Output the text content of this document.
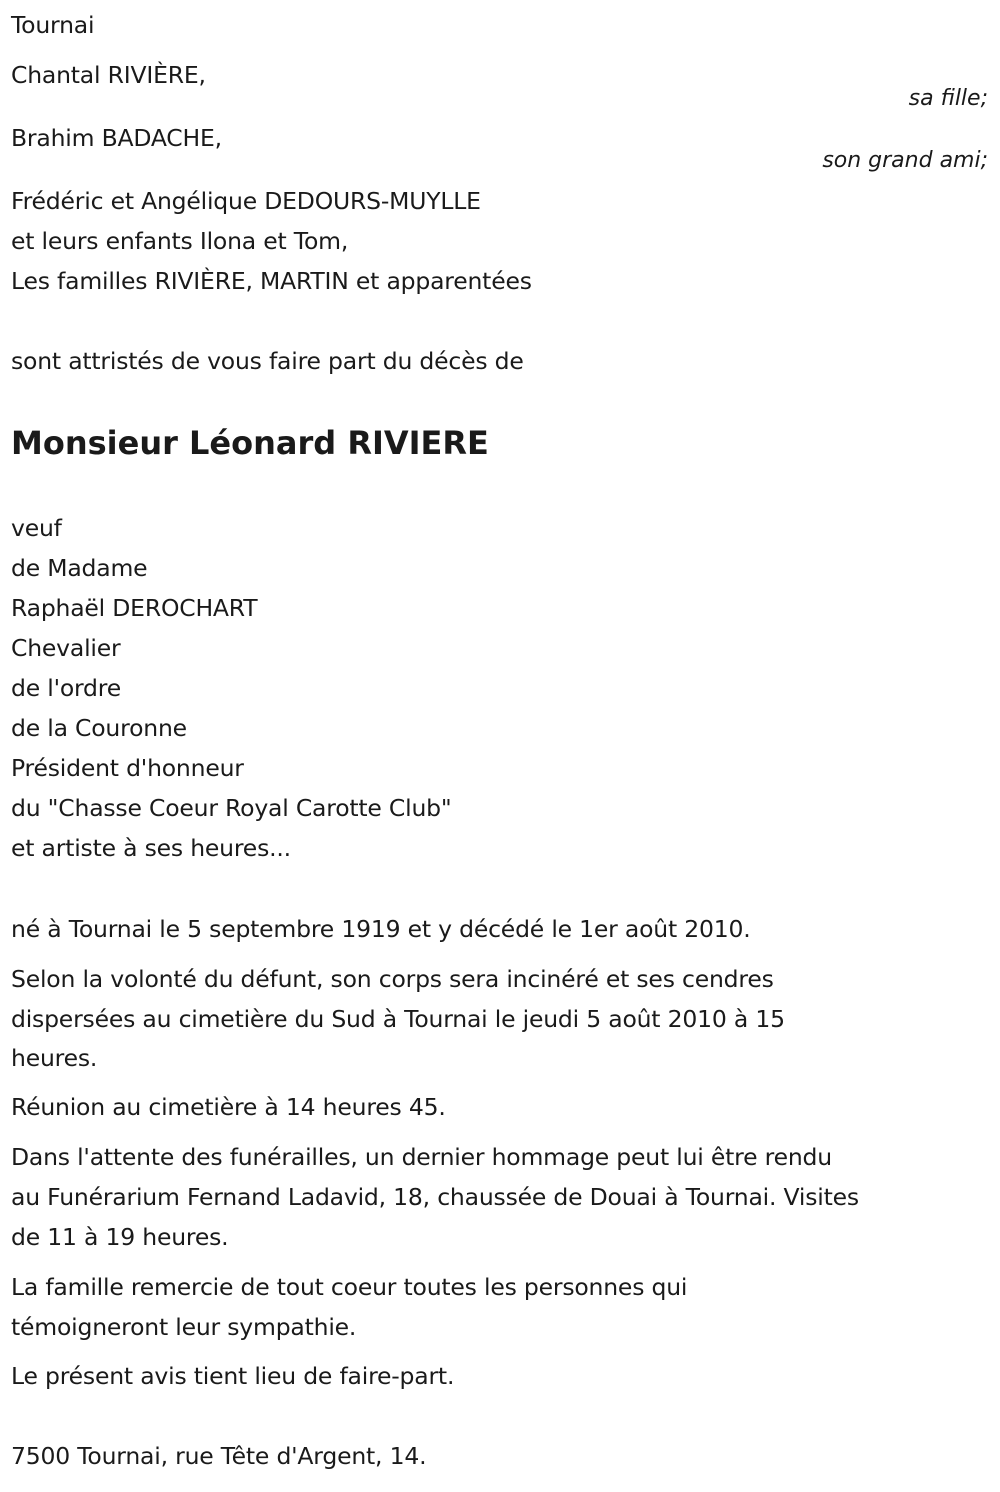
Tournai
Chantal RIVIÈRE,
sa fille;
Brahim BADACHE,
son grand ami;
Frédéric et Angélique DEDOURS-MUYLLE
et leurs enfants Ilona et Tom,
Les familles RIVIÈRE, MARTIN et apparentées
sont attristés de vous faire part du décès de
Monsieur Léonard RIVIERE
veuf
de Madame
Raphaël DEROCHART
Chevalier
de l'ordre
de la Couronne
Président d'honneur
du "Chasse Coeur Royal Carotte Club"
et artiste à ses heures...
né à Tournai le 5 septembre 1919 et y décédé le 1er août 2010.
Selon la volonté du défunt, son corps sera incinéré et ses cendres
dispersées au cimetière du Sud à Tournai le jeudi 5 août 2010 à 15
heures.
Réunion au cimetière à 14 heures 45.
Dans l'attente des funérailles, un dernier hommage peut lui être rendu
au Funérarium Fernand Ladavid, 18, chaussée de Douai à Tournai. Visites
de 11 à 19 heures.
La famille remercie de tout coeur toutes les personnes qui
témoigneront leur sympathie.
Le présent avis tient lieu de faire-part.
7500 Tournai, rue Tête d'Argent, 14.
